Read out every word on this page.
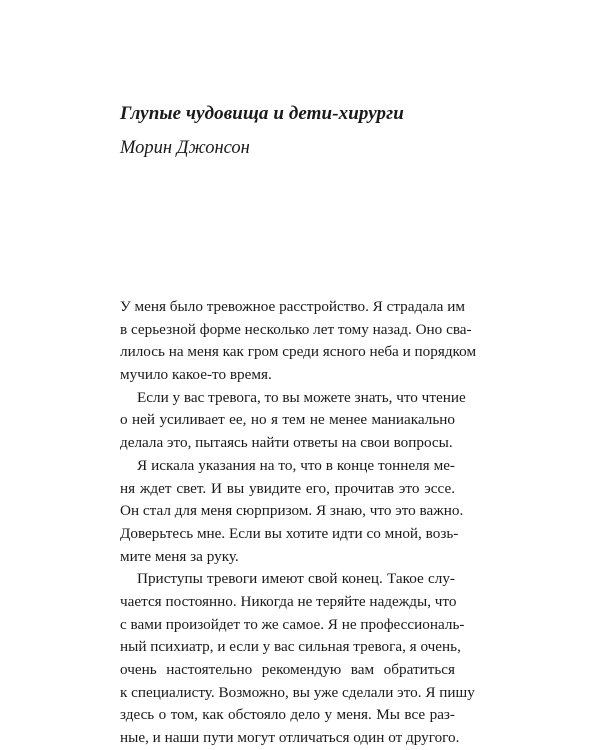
Глупые чудовища и дети-хирурги
Морин Джонсон

У меня было тревожное расстройство. Я страдала им
в серьезной форме несколько лет тому назад. Оно сва-
лилось на меня как гром среди ясного неба и порядком
мучило какое-то время.

Если у вас тревога, то вы можете знать, что чтение
о ней усиливает ее, но я тем не менее маниакально
делала это, пытаясь найти ответы на свои вопросы.

Я искала указания на то, что в конце тоннеля ме-
ня ждет свет. И вы увидите его, прочитав это эссе.
Он стал для меня сюрпризом. Я знаю, что это важно.
Доверьтесь мне. Если вы хотите идти со мной, возь-
мите меня за руку.

Приступы тревоги имеют свой конец. Такое слу-
чается постоянно. Никогда не теряйте надежды, что
с вами произойдет то же самое. Я не профессиональ-
ный психиатр, и если у вас сильная тревога, я очень,
очень настоятельно рекомендую вам обратиться
к специалисту. Возможно, вы уже сделали это. Я пишу
здесь о том, как обстояло дело у меня. Мы все раз-
ные, и наши пути могут отличаться один от другого.
